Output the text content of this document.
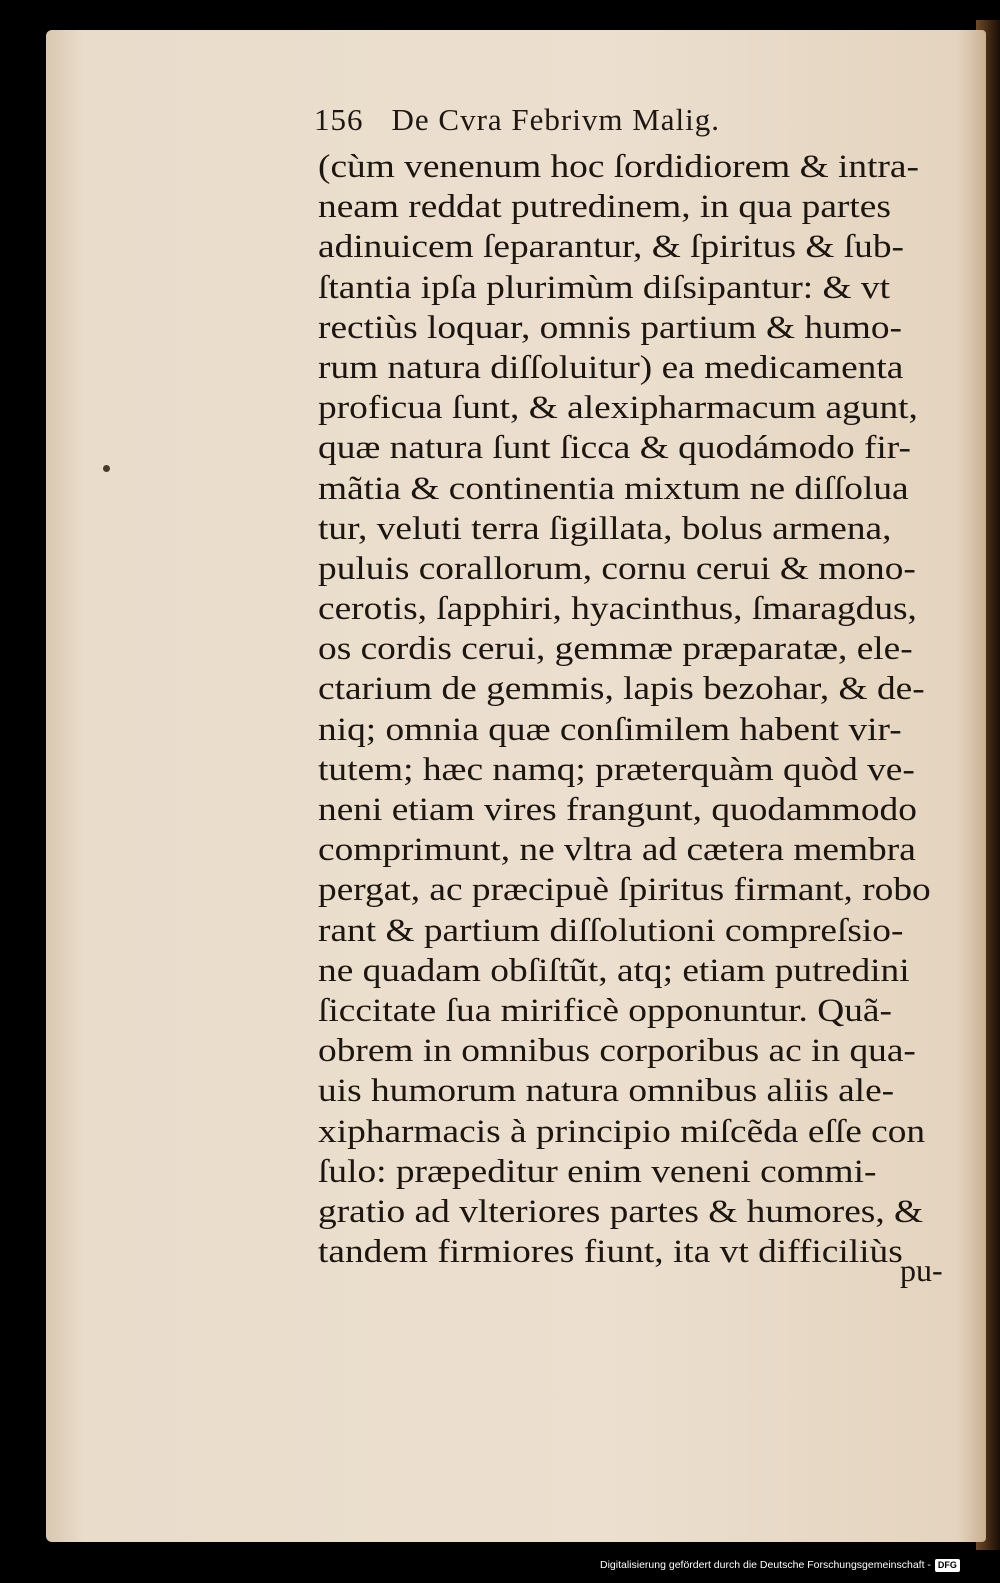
156 De Cvra Febrivm Malig.
(cùm venenum hoc ſordidiorem & intra-
neam reddat putredinem, in qua partes
adinuicem ſeparantur, & ſpiritus & ſub-
ſtantia ipſa plurimùm diſsipantur: & vt
rectiùs loquar, omnis partium & humo-
rum natura diſſoluitur) ea medicamenta
proficua ſunt, & alexipharmacum agunt,
quæ natura ſunt ſicca & quodámodo fir-
mãtia & continentia mixtum ne diſſolua
tur, veluti terra ſigillata, bolus armena,
puluis corallorum, cornu cerui & mono-
cerotis, ſapphiri, hyacinthus, ſmaragdus,
os cordis cerui, gemmæ præparatæ, ele-
ctarium de gemmis, lapis bezohar, & de-
niq; omnia quæ conſimilem habent vir-
tutem; hæc namq; præterquàm quòd ve-
neni etiam vires frangunt, quodammodo
comprimunt, ne vltra ad cætera membra
pergat, ac præcipuè ſpiritus firmant, robo
rant & partium diſſolutioni compreſsio-
ne quadam obſiſtũt, atq; etiam putredini
ſiccitate ſua mirificè opponuntur. Quã-
obrem in omnibus corporibus ac in qua-
uis humorum natura omnibus aliis ale-
xipharmacis à principio miſcẽda eſſe con
ſulo: præpeditur enim veneni commi-
gratio ad vlteriores partes & humores, &
tandem firmiores fiunt, ita vt difficiliùs
pu-
Digitalisierung gefördert durch die Deutsche Forschungsgemeinschaft - DFG
